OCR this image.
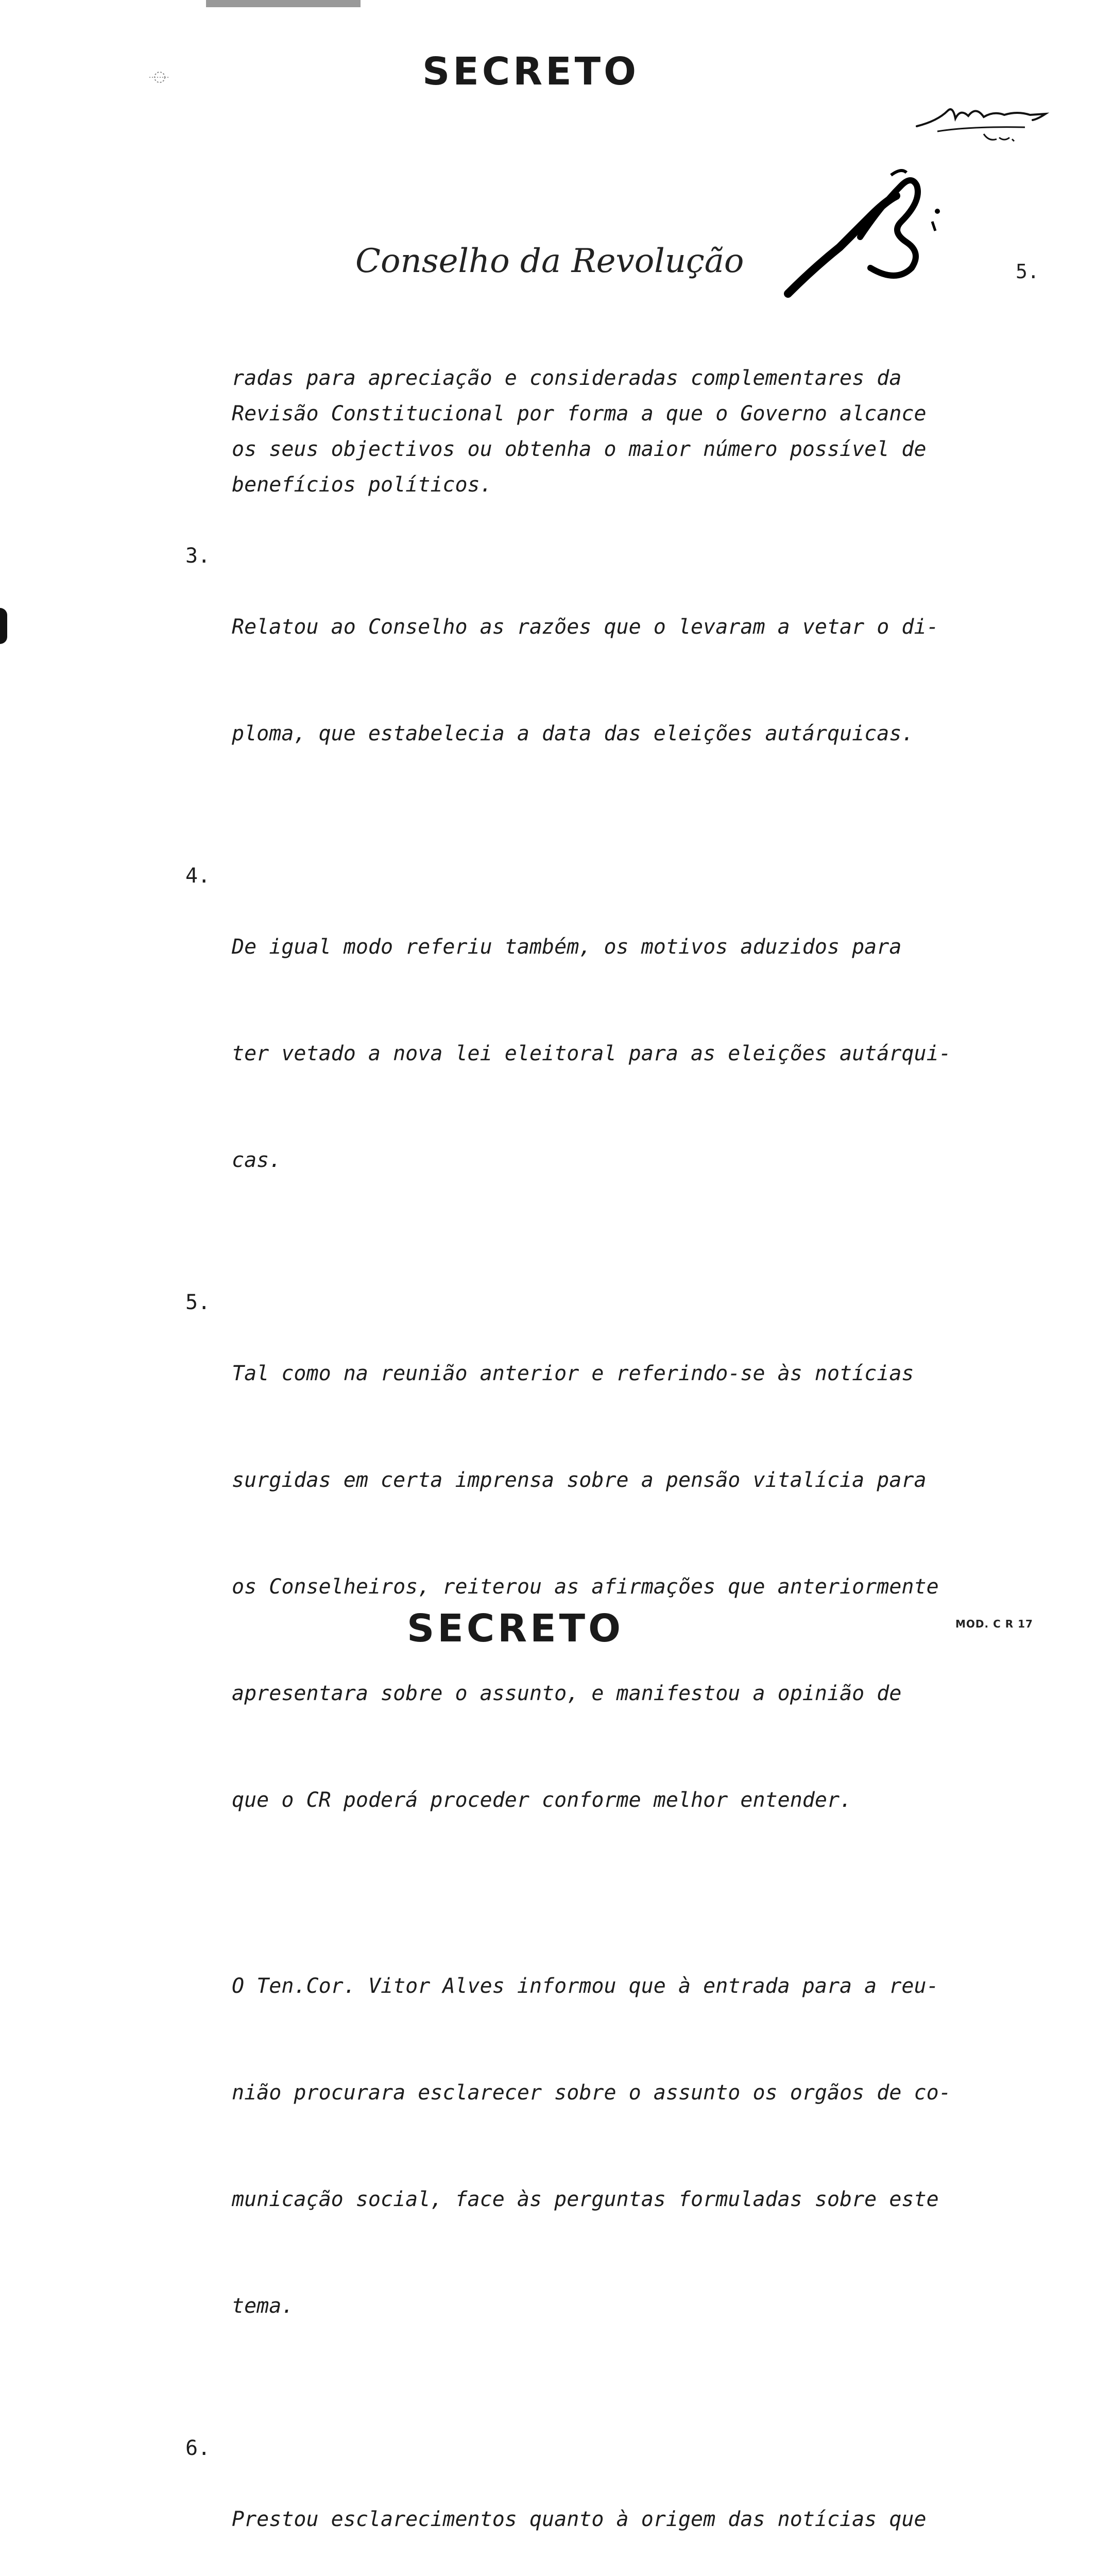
SECRETO
Conselho da Revolução	5.
radas para apreciação e consideradas complementares da
Revisão Constitucional por forma a que o Governo alcance
os seus objectivos ou obtenha o maior número possível de
benefícios políticos.
3.

Relatou ao Conselho as razões que o levaram a vetar o di-

ploma, que estabelecia a data das eleições autárquicas.

4.

De igual modo referiu também, os motivos aduzidos para

ter vetado a nova lei eleitoral para as eleições autárqui-

cas.

5.

Tal como na reunião anterior e referindo-se às notícias

surgidas em certa imprensa sobre a pensão vitalícia para

os Conselheiros, reiterou as afirmações que anteriormente

apresentara sobre o assunto, e manifestou a opinião de

que o CR poderá proceder conforme melhor entender.

O Ten.Cor. Vitor Alves informou que à entrada para a reu-

nião procurara esclarecer sobre o assunto os orgãos de co-

municação social, face às perguntas formuladas sobre este

tema.

6.

Prestou esclarecimentos quanto à origem das notícias que

SECRETO	MOD. C R 17
